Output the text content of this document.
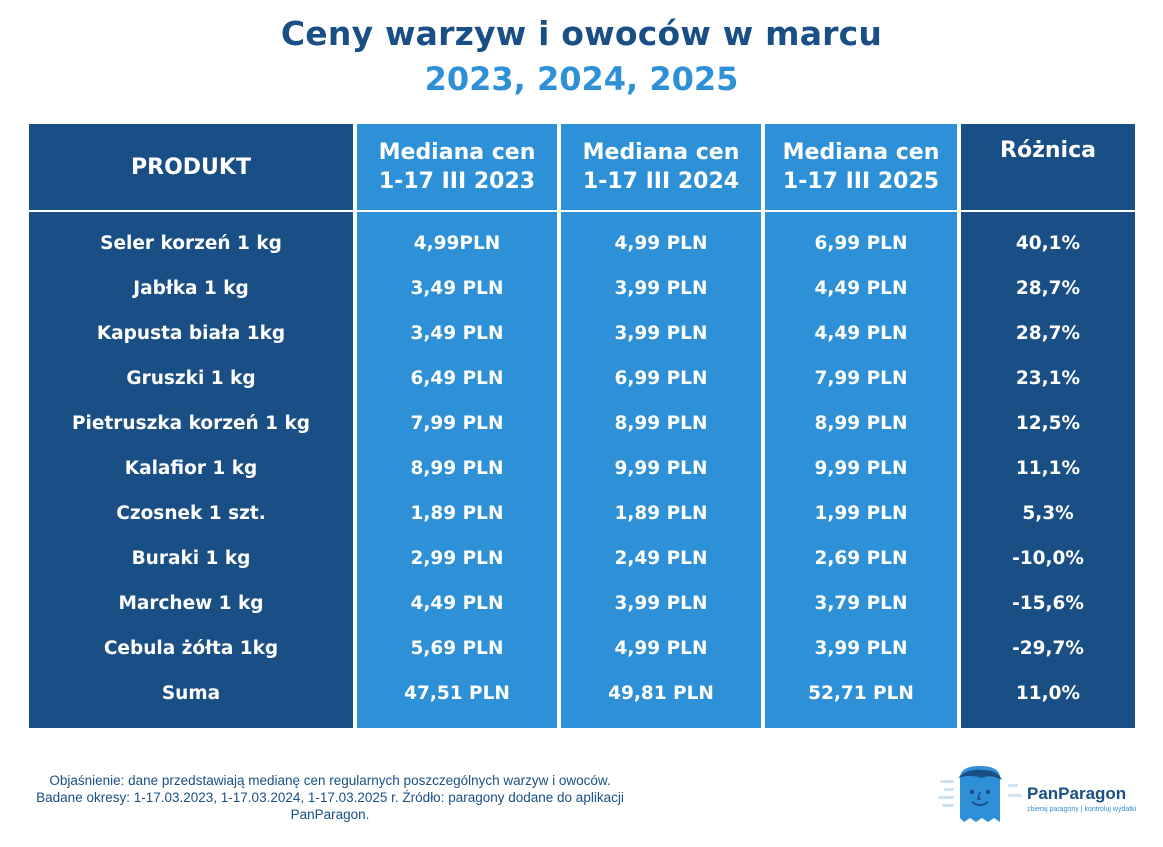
Ceny warzyw i owoców w marcu
2023, 2024, 2025
PRODUKT
Mediana cen
1-17 III 2023
Mediana cen
1-17 III 2024
Mediana cen
1-17 III 2025
Różnica
Seler korzeń 1 kg
Jabłka 1 kg
Kapusta biała 1kg
Gruszki 1 kg
Pietruszka korzeń 1 kg
Kalafior 1 kg
Czosnek 1 szt.
Buraki 1 kg
Marchew 1 kg
Cebula żółta 1kg
Suma
4,99PLN
3,49 PLN
3,49 PLN
6,49 PLN
7,99 PLN
8,99 PLN
1,89 PLN
2,99 PLN
4,49 PLN
5,69 PLN
47,51 PLN
4,99 PLN
3,99 PLN
3,99 PLN
6,99 PLN
8,99 PLN
9,99 PLN
1,89 PLN
2,49 PLN
3,99 PLN
4,99 PLN
49,81 PLN
6,99 PLN
4,49 PLN
4,49 PLN
7,99 PLN
8,99 PLN
9,99 PLN
1,99 PLN
2,69 PLN
3,79 PLN
3,99 PLN
52,71 PLN
40,1%
28,7%
28,7%
23,1%
12,5%
11,1%
5,3%
-10,0%
-15,6%
-29,7%
11,0%
Objaśnienie: dane przedstawiają medianę cen regularnych poszczególnych warzyw i owoców. Badane okresy: 1-17.03.2023, 1-17.03.2024, 1-17.03.2025 r. Źródło: paragony dodane do aplikacji PanParagon.
PanParagon
zbieraj paragony | kontroluj wydatki
